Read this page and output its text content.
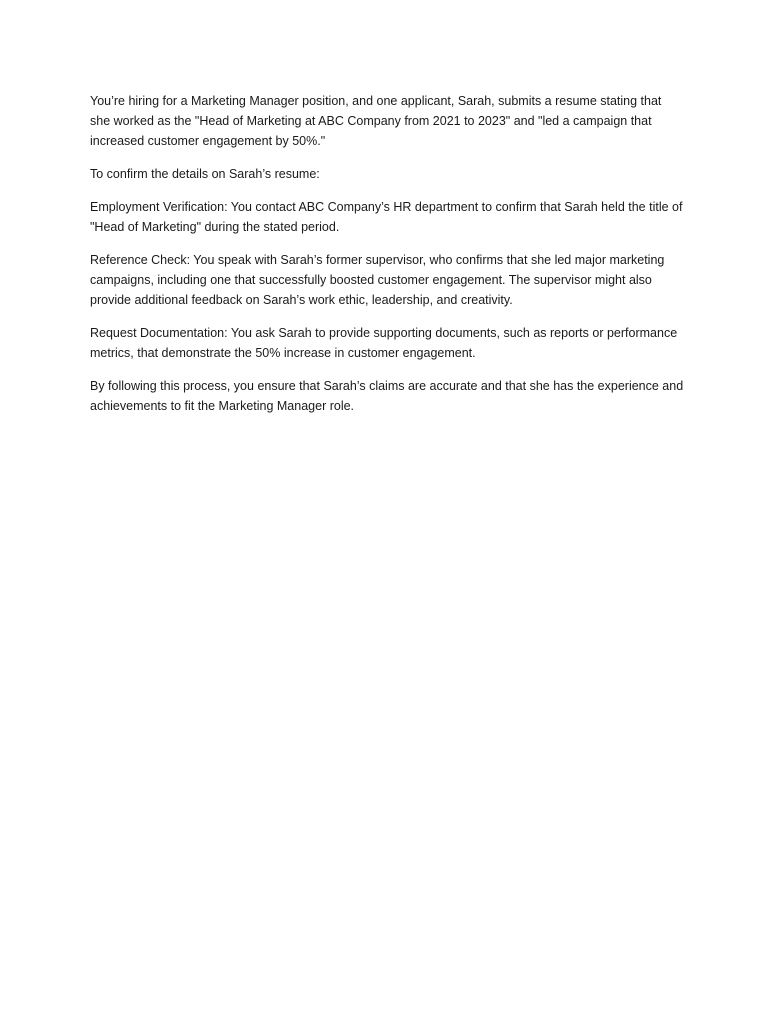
You’re hiring for a Marketing Manager position, and one applicant, Sarah, submits a resume stating that she worked as the "Head of Marketing at ABC Company from 2021 to 2023" and "led a campaign that increased customer engagement by 50%."

To confirm the details on Sarah’s resume:

Employment Verification: You contact ABC Company’s HR department to confirm that Sarah held the title of "Head of Marketing" during the stated period.

Reference Check: You speak with Sarah’s former supervisor, who confirms that she led major marketing campaigns, including one that successfully boosted customer engagement. The supervisor might also provide additional feedback on Sarah’s work ethic, leadership, and creativity.

Request Documentation: You ask Sarah to provide supporting documents, such as reports or performance metrics, that demonstrate the 50% increase in customer engagement.

By following this process, you ensure that Sarah’s claims are accurate and that she has the experience and achievements to fit the Marketing Manager role.
